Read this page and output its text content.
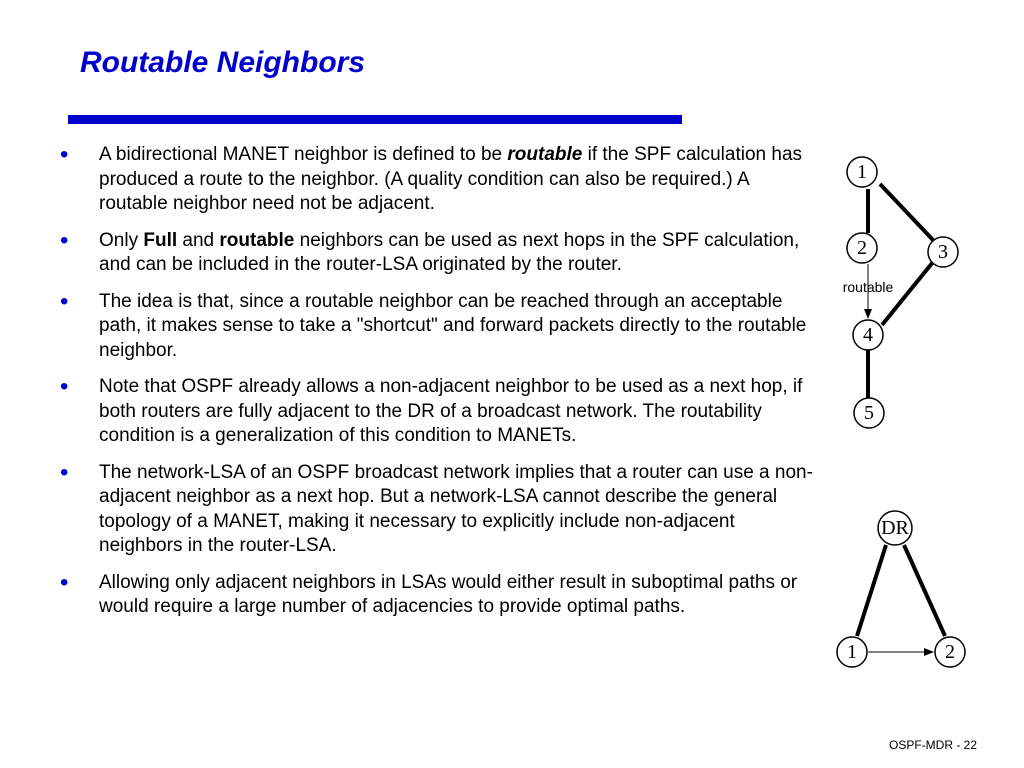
Routable Neighbors
• A bidirectional MANET neighbor is defined to be routable if the SPF calculation has produced a route to the neighbor. (A quality condition can also be required.) A routable neighbor need not be adjacent.
• Only Full and routable neighbors can be used as next hops in the SPF calculation, and can be included in the router-LSA originated by the router.
• The idea is that, since a routable neighbor can be reached through an acceptable path, it makes sense to take a "shortcut" and forward packets directly to the routable neighbor.
• Note that OSPF already allows a non-adjacent neighbor to be used as a next hop, if both routers are fully adjacent to the DR of a broadcast network. The routability condition is a generalization of this condition to MANETs.
• The network-LSA of an OSPF broadcast network implies that a router can use a non-adjacent neighbor as a next hop. But a network-LSA cannot describe the general topology of a MANET, making it necessary to explicitly include non-adjacent neighbors in the router-LSA.
• Allowing only adjacent neighbors in LSAs would either result in suboptimal paths or would require a large number of adjacencies to provide optimal paths.
1
2	3
4
5
routable
DR
1	2
OSPF-MDR - 22
